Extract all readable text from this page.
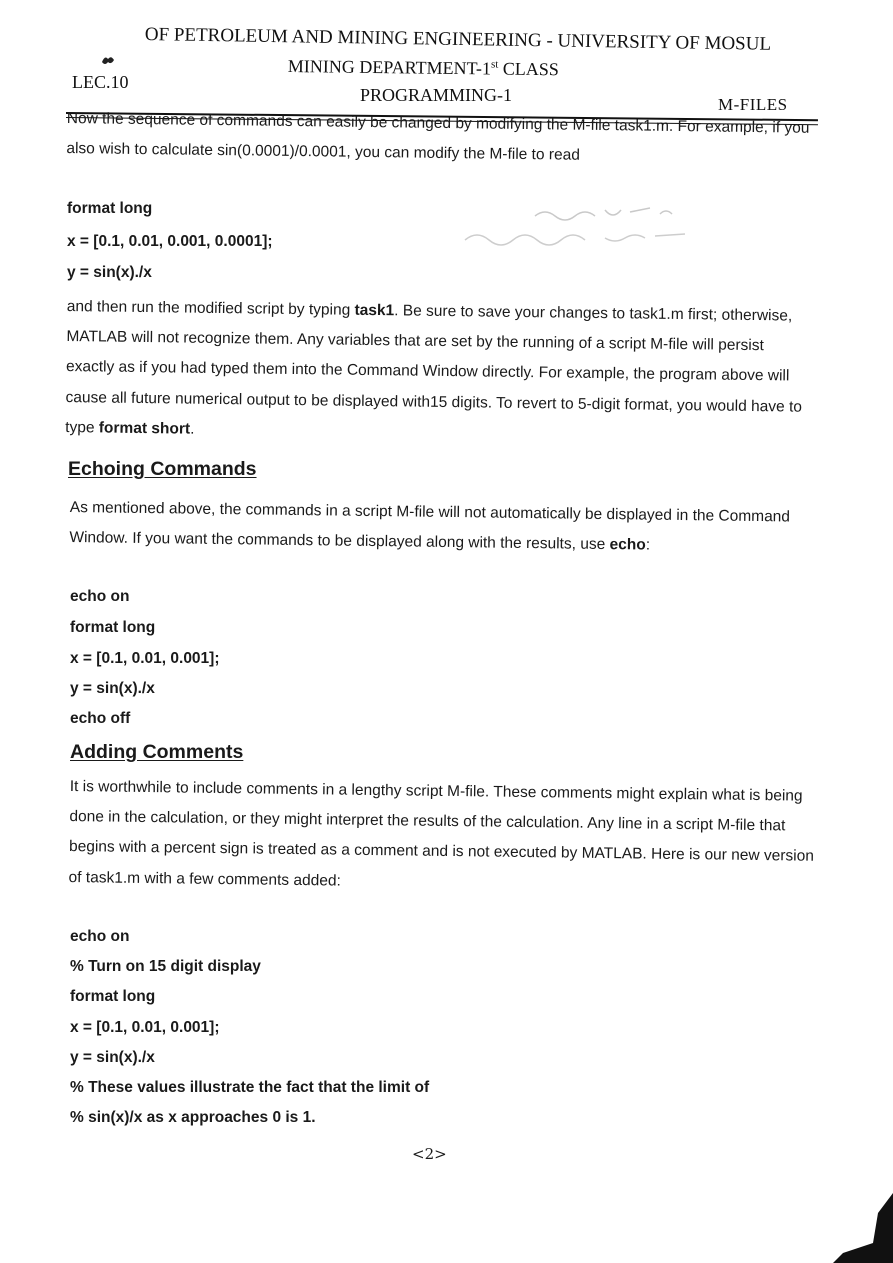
OF PETROLEUM AND MINING ENGINEERING - UNIVERSITY OF MOSUL
MINING DEPARTMENT-1st CLASS
LEC.10
PROGRAMMING-1	M-FILES
Now the sequence of commands can easily be changed by modifying the M-file task1.m. For example, if you also wish to calculate sin(0.0001)/0.0001, you can modify the M-file to read
format long
x = [0.1, 0.01, 0.001, 0.0001];
y = sin(x)./x
and then run the modified script by typing task1. Be sure to save your changes to task1.m first; otherwise, MATLAB will not recognize them. Any variables that are set by the running of a script M-file will persist exactly as if you had typed them into the Command Window directly. For example, the program above will cause all future numerical output to be displayed with15 digits. To revert to 5-digit format, you would have to type format short.
Echoing Commands
As mentioned above, the commands in a script M-file will not automatically be displayed in the Command Window. If you want the commands to be displayed along with the results, use echo:
echo on
format long
x = [0.1, 0.01, 0.001];
y = sin(x)./x
echo off
Adding Comments
It is worthwhile to include comments in a lengthy script M-file. These comments might explain what is being done in the calculation, or they might interpret the results of the calculation. Any line in a script M-file that begins with a percent sign is treated as a comment and is not executed by MATLAB. Here is our new version of task1.m with a few comments added:
echo on
% Turn on 15 digit display
format long
x = [0.1, 0.01, 0.001];
y = sin(x)./x
% These values illustrate the fact that the limit of
% sin(x)/x as x approaches 0 is 1.
<2>
